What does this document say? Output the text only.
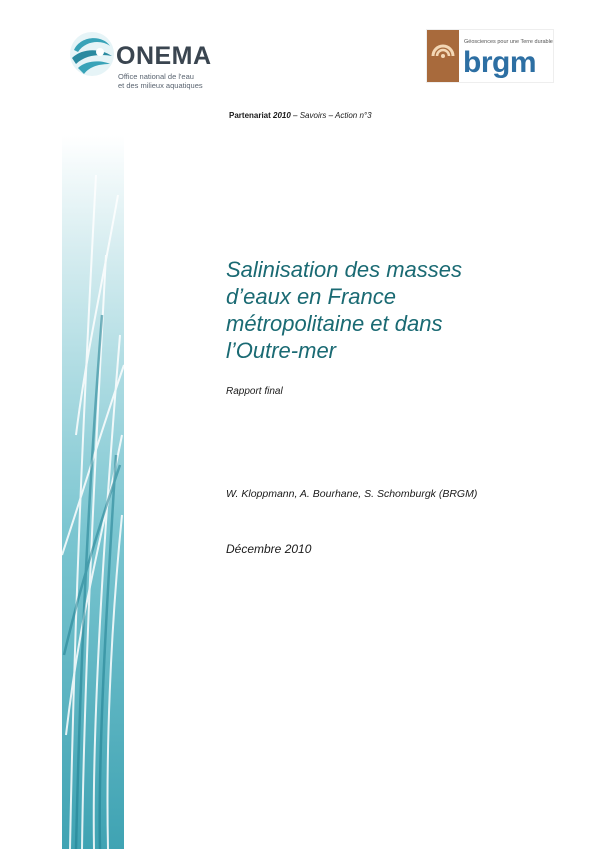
ONEMA
Office national de l'eau
et des milieux aquatiques
Géosciences pour une Terre durable
brgm
Partenariat 2010 – Savoirs – Action n°3
Salinisation des masses
d’eaux en France
métropolitaine et dans
l’Outre-mer
Rapport final
W. Kloppmann, A. Bourhane, S. Schomburgk (BRGM)
Décembre 2010
